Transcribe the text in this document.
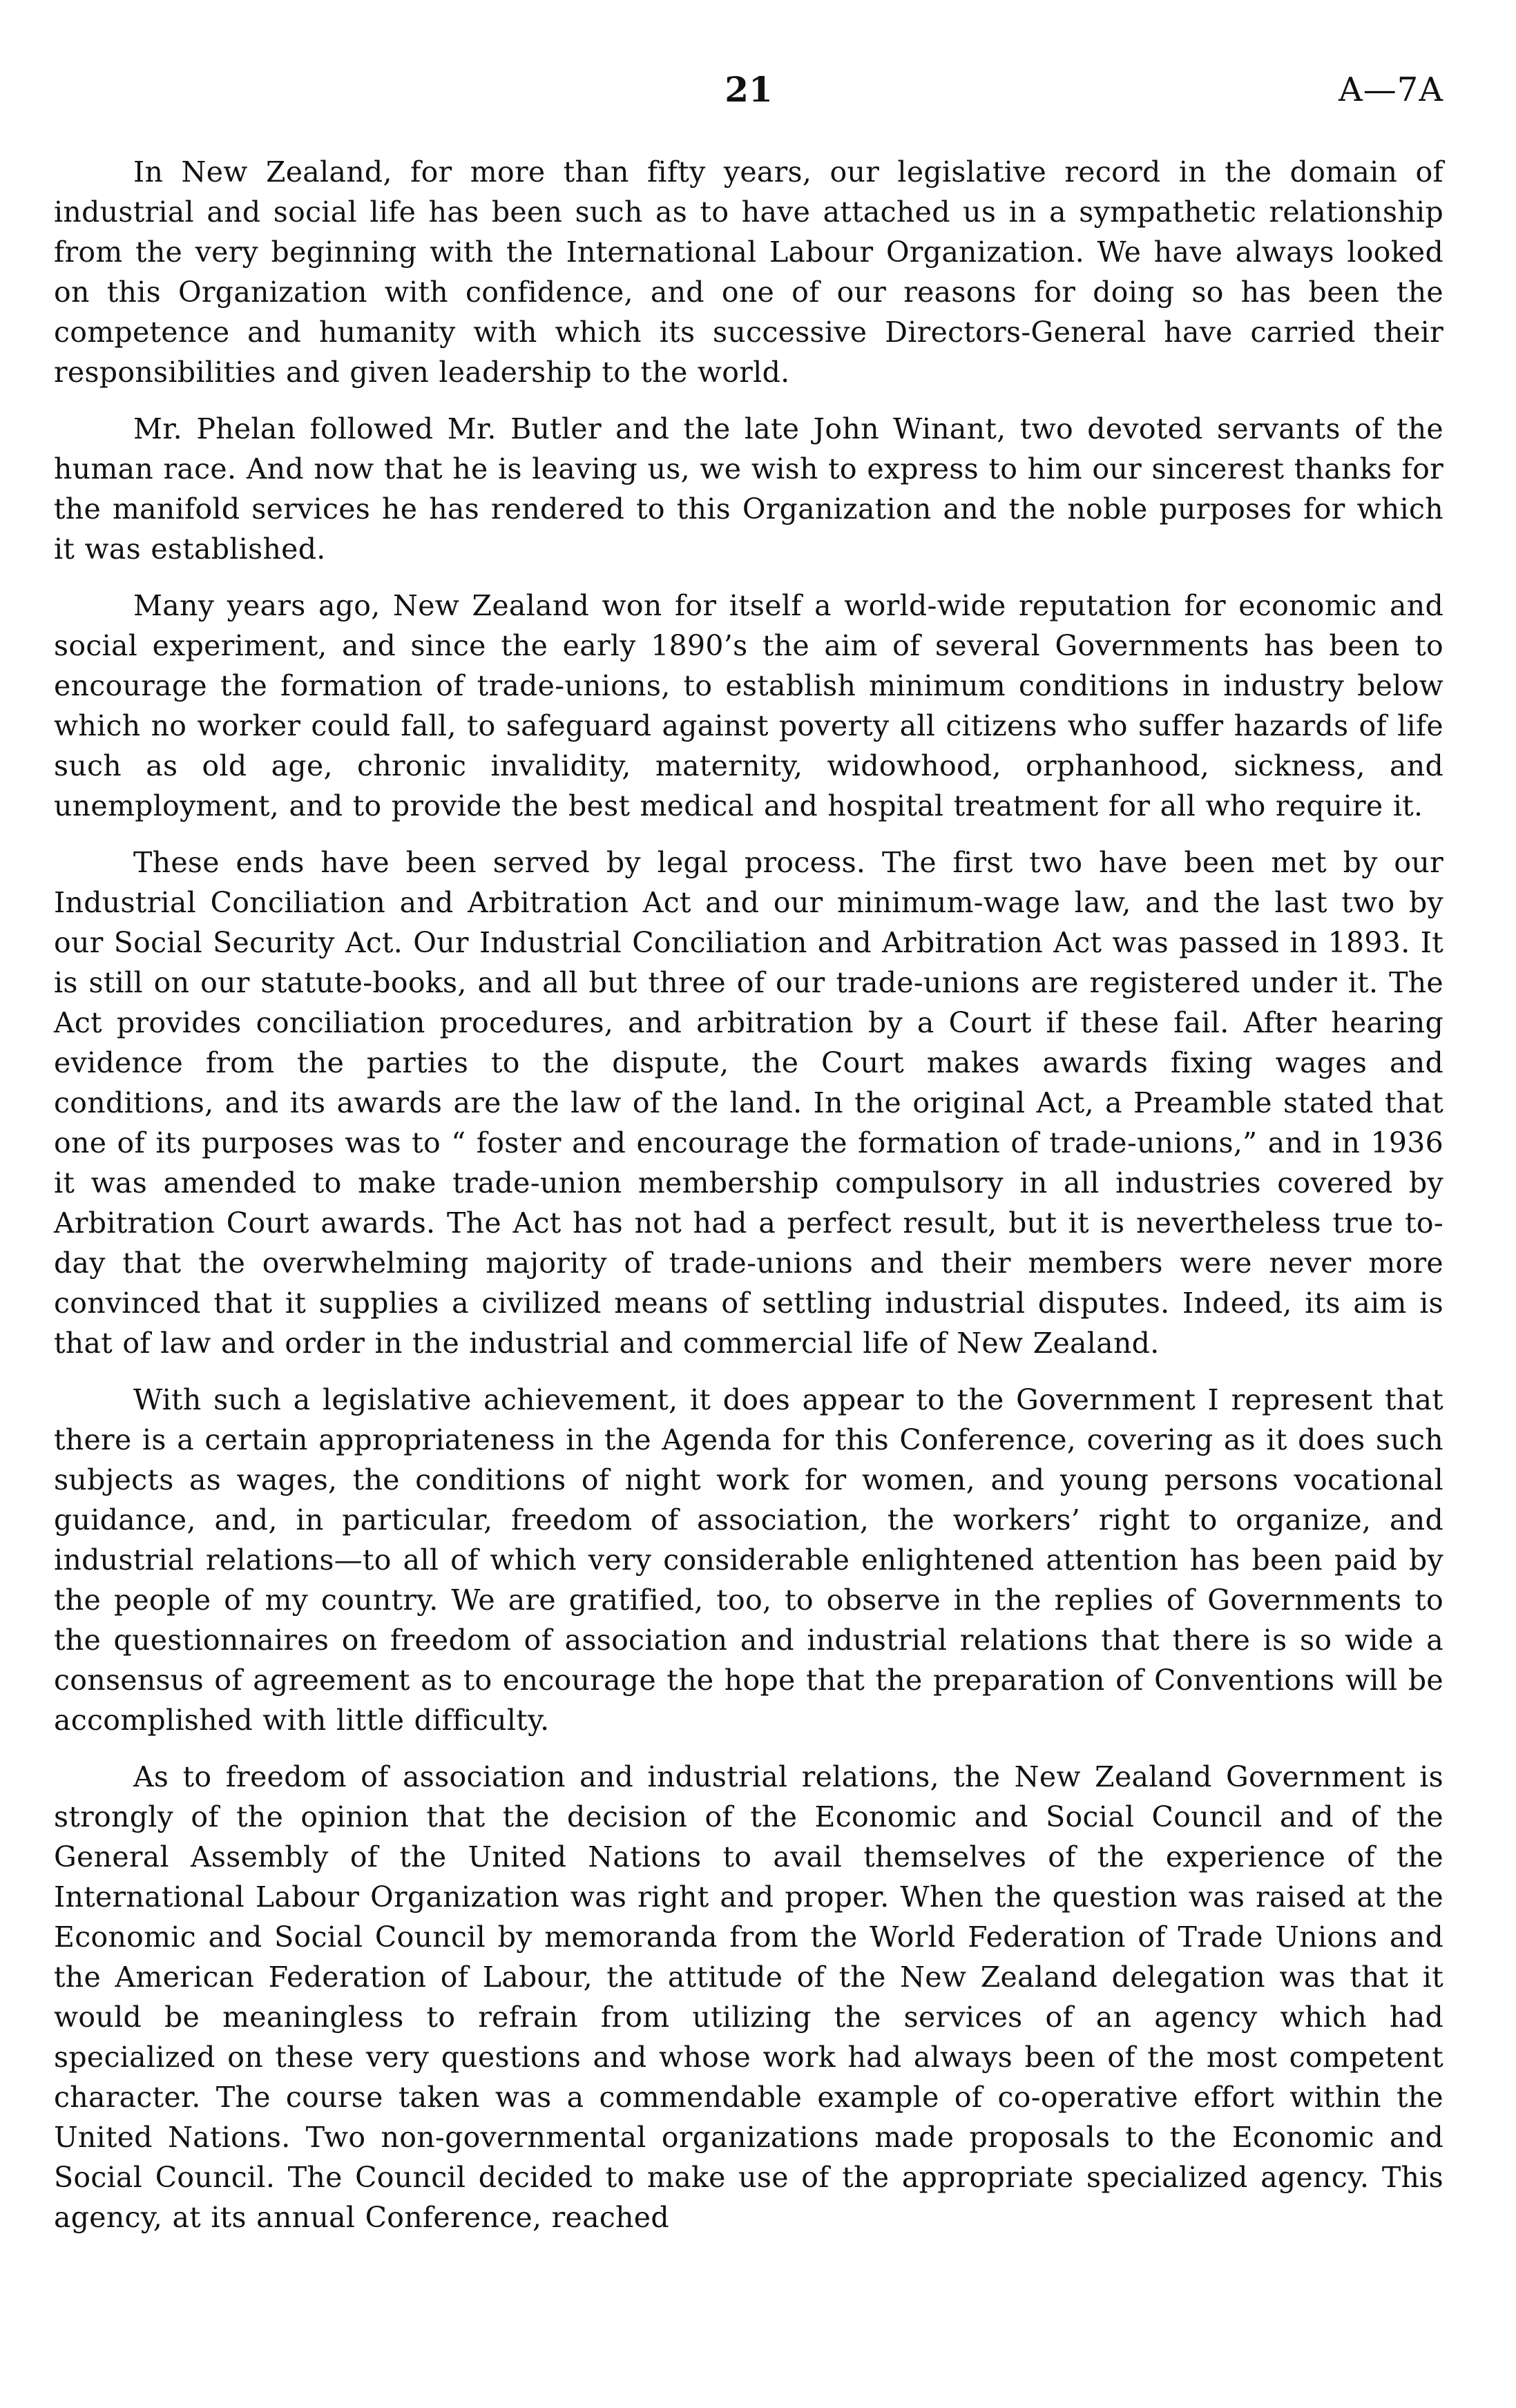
21	A—7A

In New Zealand, for more than fifty years, our legislative record in the domain of industrial and social life has been such as to have attached us in a sympathetic relationship from the very beginning with the International Labour Organization. We have always looked on this Organization with confidence, and one of our reasons for doing so has been the competence and humanity with which its successive Directors-General have carried their responsibilities and given leadership to the world.

Mr. Phelan followed Mr. Butler and the late John Winant, two devoted servants of the human race. And now that he is leaving us, we wish to express to him our sincerest thanks for the manifold services he has rendered to this Organization and the noble purposes for which it was established.

Many years ago, New Zealand won for itself a world-wide reputation for economic and social experiment, and since the early 1890’s the aim of several Governments has been to encourage the formation of trade-unions, to establish minimum conditions in industry below which no worker could fall, to safeguard against poverty all citizens who suffer hazards of life such as old age, chronic invalidity, maternity, widowhood, orphanhood, sickness, and unemployment, and to provide the best medical and hospital treatment for all who require it.

These ends have been served by legal process. The first two have been met by our Industrial Conciliation and Arbitration Act and our minimum-wage law, and the last two by our Social Security Act. Our Industrial Conciliation and Arbitration Act was passed in 1893. It is still on our statute-books, and all but three of our trade-unions are registered under it. The Act provides conciliation procedures, and arbitration by a Court if these fail. After hearing evidence from the parties to the dispute, the Court makes awards fixing wages and conditions, and its awards are the law of the land. In the original Act, a Preamble stated that one of its purposes was to “ foster and encourage the formation of trade-unions,” and in 1936 it was amended to make trade-union membership compulsory in all industries covered by Arbitration Court awards. The Act has not had a perfect result, but it is nevertheless true to-day that the overwhelming majority of trade-unions and their members were never more convinced that it supplies a civilized means of settling industrial disputes. Indeed, its aim is that of law and order in the industrial and commercial life of New Zealand.

With such a legislative achievement, it does appear to the Government I represent that there is a certain appropriateness in the Agenda for this Conference, covering as it does such subjects as wages, the conditions of night work for women, and young persons vocational guidance, and, in particular, freedom of association, the workers’ right to organize, and industrial relations—to all of which very considerable enlightened attention has been paid by the people of my country. We are gratified, too, to observe in the replies of Governments to the questionnaires on freedom of association and industrial relations that there is so wide a consensus of agreement as to encourage the hope that the preparation of Conventions will be accomplished with little difficulty.

As to freedom of association and industrial relations, the New Zealand Government is strongly of the opinion that the decision of the Economic and Social Council and of the General Assembly of the United Nations to avail themselves of the experience of the International Labour Organization was right and proper. When the question was raised at the Economic and Social Council by memoranda from the World Federation of Trade Unions and the American Federation of Labour, the attitude of the New Zealand delegation was that it would be meaningless to refrain from utilizing the services of an agency which had specialized on these very questions and whose work had always been of the most competent character. The course taken was a commendable example of co-operative effort within the United Nations. Two non-governmental organizations made proposals to the Economic and Social Council. The Council decided to make use of the appropriate specialized agency. This agency, at its annual Conference, reached
